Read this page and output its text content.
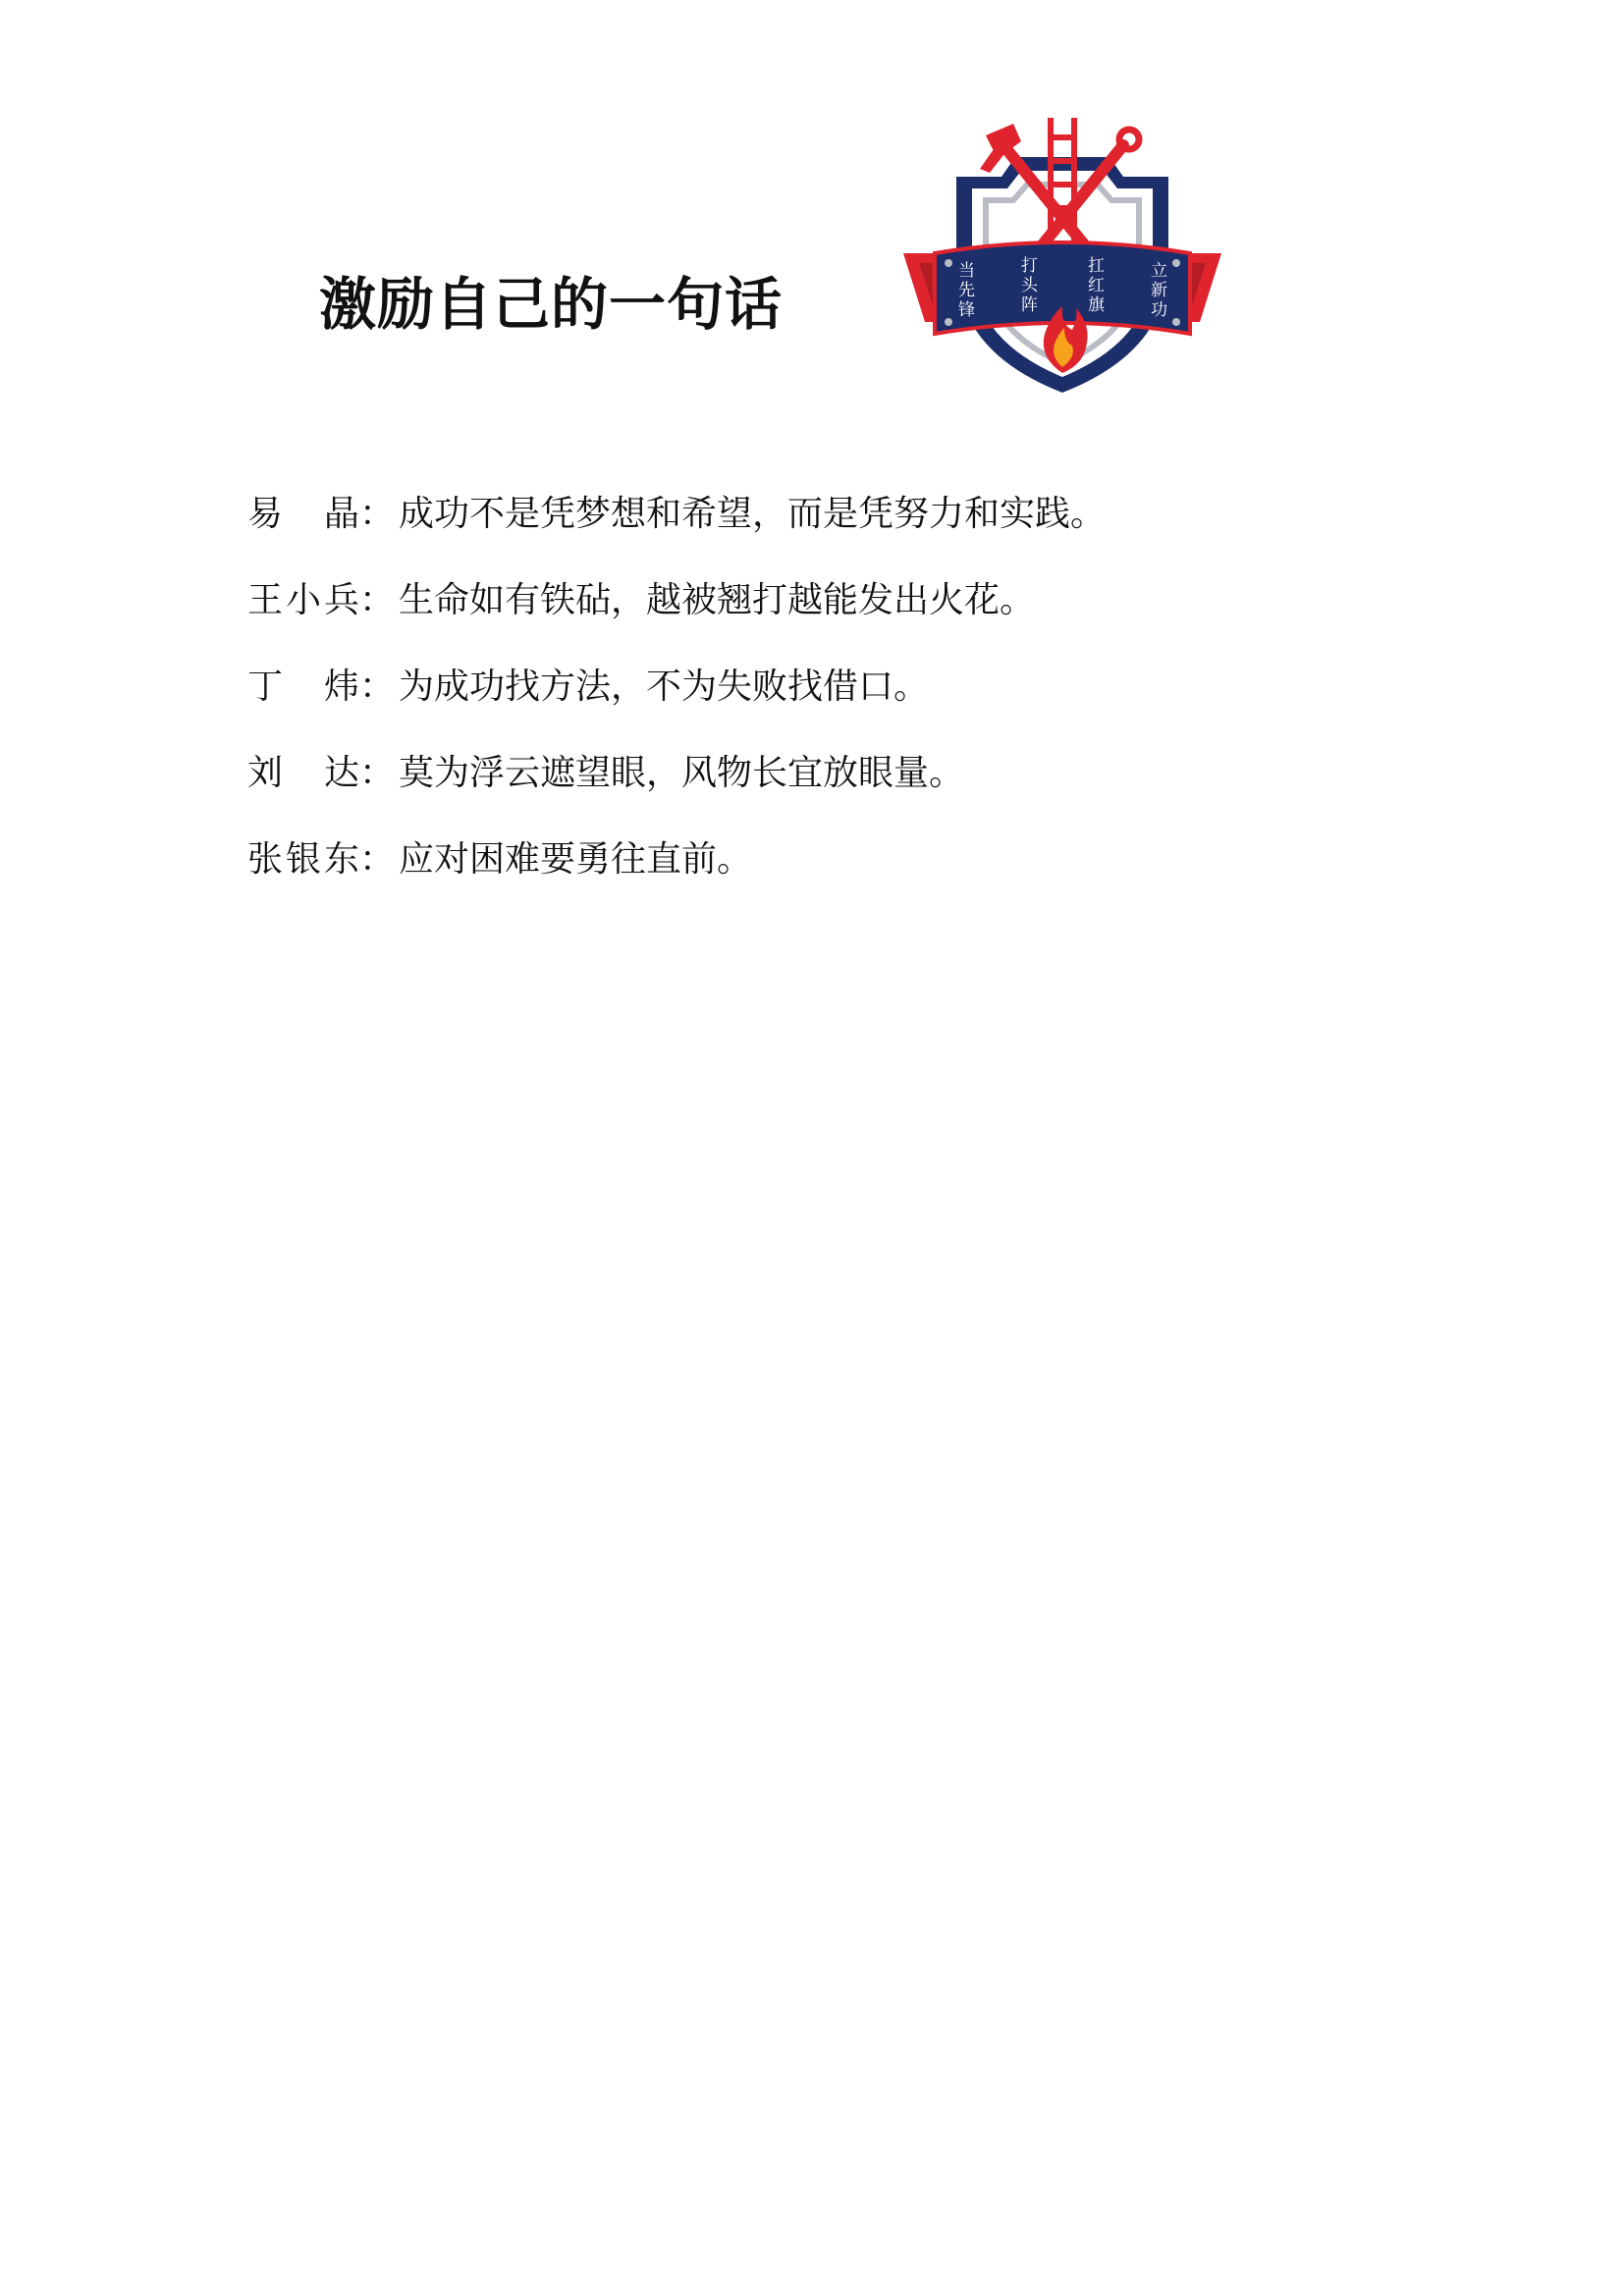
激励自己的一句话	当	打	扛	立
先	头	红	新
锋	阵	旗	功
易　晶 ： 成功不是凭梦想和希望，而是凭努力和实践。
王小兵 ： 生命如有铁砧，越被翘打越能发出火花。
丁　炜 ： 为成功找方法，不为失败找借口。
刘　达 ： 莫为浮云遮望眼，风物长宜放眼量。
张银东 ： 应对困难要勇往直前。
